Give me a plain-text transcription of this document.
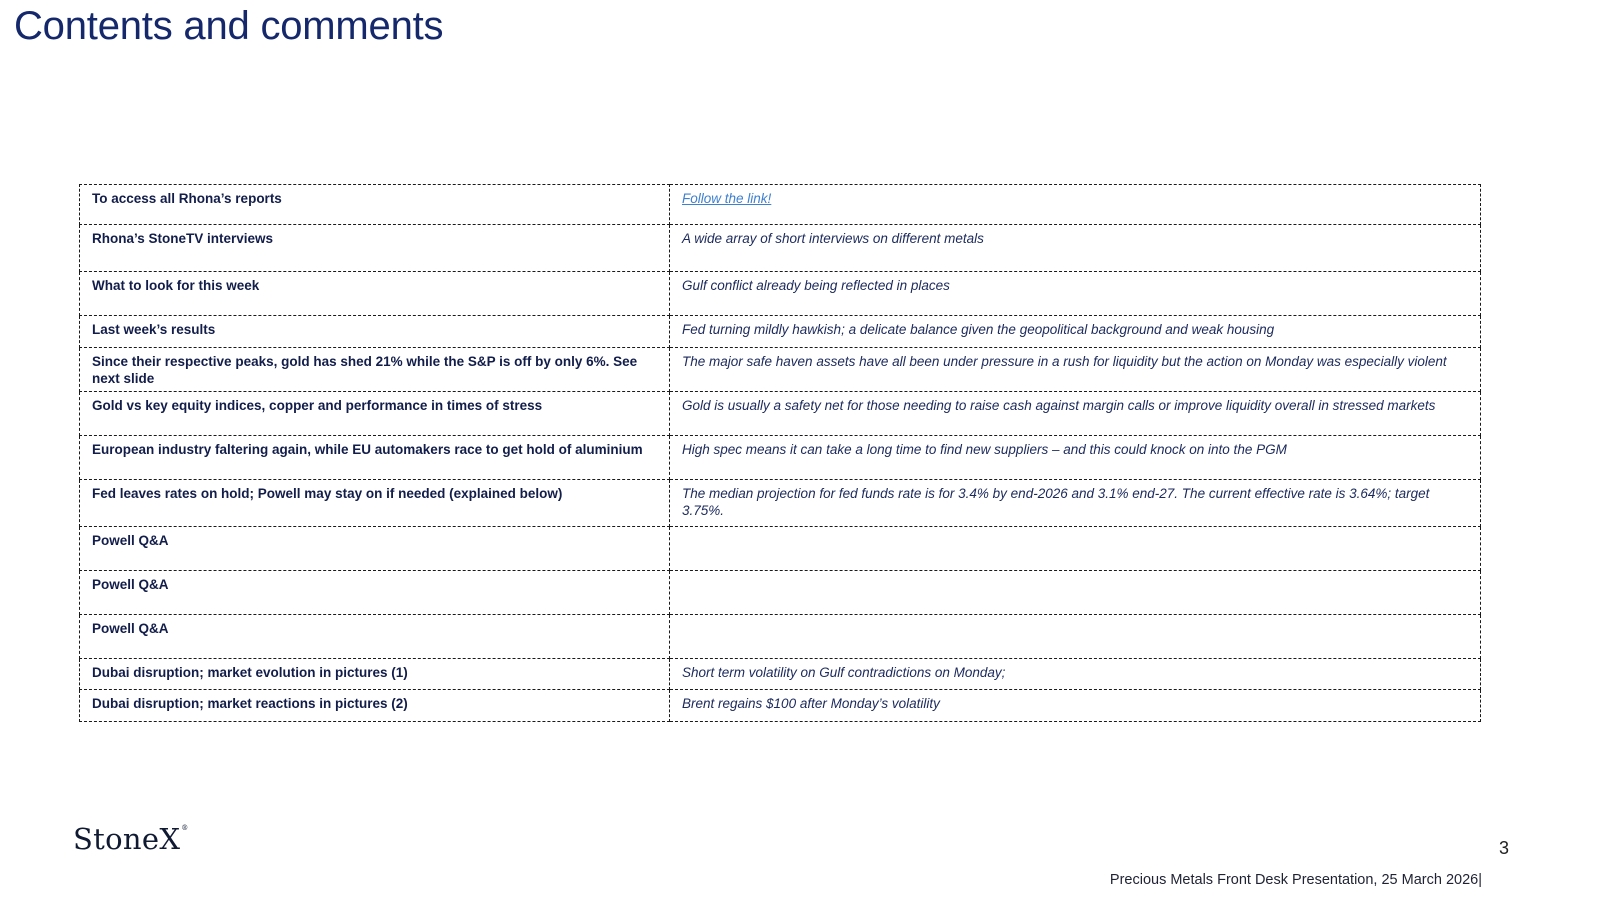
Contents and comments
To access all Rhona’s reports	Follow the link!
Rhona’s StoneTV interviews	A wide array of short interviews on different metals
What to look for this week	Gulf conflict already being reflected in places
Last week’s results	Fed turning mildly hawkish; a delicate balance given the geopolitical background and weak housing
Since their respective peaks, gold has shed 21% while the S&P is off by only 6%. See next slide	The major safe haven assets have all been under pressure in a rush for liquidity but the action on Monday was especially violent
Gold vs key equity indices, copper and performance in times of stress	Gold is usually a safety net for those needing to raise cash against margin calls or improve liquidity overall in stressed markets
European industry faltering again, while EU automakers race to get hold of aluminium	High spec means it can take a long time to find new suppliers – and this could knock on into the PGM
Fed leaves rates on hold; Powell may stay on if needed (explained below)	The median projection for fed funds rate is for 3.4% by end-2026 and 3.1% end-27. The current effective rate is 3.64%; target 3.75%.
Powell Q&A	
Powell Q&A	
Powell Q&A	
Dubai disruption; market evolution in pictures (1)	Short term volatility on Gulf contradictions on Monday;
Dubai disruption; market reactions in pictures (2)	Brent regains $100 after Monday’s volatility
StoneX®
3
Precious Metals Front Desk Presentation, 25 March 2026|
